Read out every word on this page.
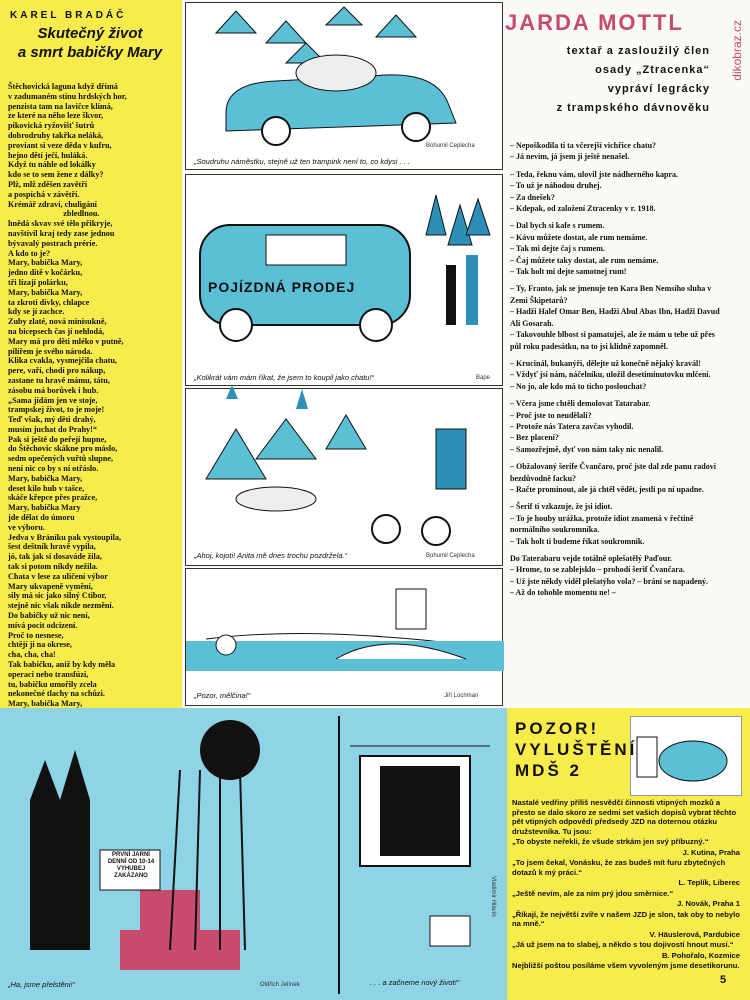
KAREL BRADÁČ
Skutečný život
a smrt babičky Mary
Štěchovická laguna když dřímá
v zadumaném stínu hrdských hor,
penzista tam na lavičce klímá,
ze které na něho leze škvor,
pikovická ryžovišť šutrů
dobrodruhy takřka neláká,
proviant si veze děda v kufru,
hejno dětí ječí, huláká.
Když tu náhle od lokálky
kdo se to sem žene z dálky?
Plž, mlž zděšen zavětří
a pospíchá v závětří.
Krémář zdraví, chuligání
zbledlnou.
hnědá skvav své tělo přikryje,
navštívil kraj tedy zase jednou
bývavalý postrach prérie.
A kdo to je?
Mary, babička Mary,
jedno dítě v kočárku,
tři lízají polárku,
Mary, babička Mary,
ta zkrotí dívky, chlapce
kdy se jí zachce.
Zuby zlaté, nová minisukně,
na bicepsech čas jí nehlodá,
Mary má pro děti mléko v putně,
pilířem je svého národa.
Klika cvakla, vysmejčila chatu,
pere, vaří, chodí pro nákup,
zastane tu hravě mámu, tátu,
zásobu má borůvek i hub.
„Sama jídám jen ve stoje,
trampskej život, to je moje!
Teď však, mý děti drahý,
musím juchat do Prahy!“
Pak si ještě do peřejí hupne,
do Štěchovic skákne pro máslo,
sedm opečených vuřtů slupne,
není nic co by s ní otřáslo.
Mary, babička Mary,
deset kilo hub v tašce,
skáče křepce přes pražce,
Mary, babička Mary
jde dělat do úmoru
ve výboru.
Jedva v Bráníku pak vystoupila,
šest deštník hravě vypila,
jó, tak jak si dosaváde žila,
tak si potom nikdy nežila.
Chata v lese za uličení výbor
Mary ukvapeně vymění,
sily má sic jako silný Ctibor,
stejně nic však nikde nezmění.
Do babičky už nic není,
mívá pocit odcizení.
Proč to nesnese,
chtějí ji na okrese,
cha, cha, cha!
Tak babičku, aniž by kdy měla
operaci nebo transfúzi,
tu, babičku umořily zcela
nekonečné tlachy na schůzi.
Mary, babička Mary,
„Soudruhu náměstku, stejně už ten trampink není to, co kdysi . . .
Bohumil Ceplecha
POJÍZDNÁ PRODEJ
„Kolikrát vám mám říkat, že jsem to koupil jako chatu!“	Bape
„Ahoj, kojoti! Anita mě dnes trochu pozdržela.“	Bohumil Ceplecha
„Pozor, mělčina!“	Jiří Lochman
JARDA MOTTL
textař a zasloužilý člen
osady „Ztracenka“
vypráví legrácky
z trampského dávnověku
dikobraz.cz

– Nepoškodila ti ta včerejší vichřice chatu?
– Já nevím, já jsem ji ještě nenašel.

– Teda, řeknu vám, ulovil jste nádherného kapra.
– To už je náhodou druhej.
– Za dnešek?
– Kdepak, od založení Ztracenky v r. 1918.

– Dal bych si kafe s rumem.
– Kávu můžete dostat, ale rum nemáme.
– Tak mi dejte čaj s rumem.
– Čaj můžete taky dostat, ale rum nemáme.
– Tak holt mi dejte samotnej rum!

– Ty, Franto, jak se jmenuje ten Kara Ben Nemsího sluha v Zemi Škipetarů?
– Hadži Halef Omar Ben, Hadži Abul Abas Ibn, Hadži Davud Ali Gosarah.
– Takovouhle blbost si pamatuješ, ale že mám u tebe už přes půl roku padesátku, na to jsi klidně zapomněl.

– Krucinál, bukanýři, dělejte už konečně nějaký kravál!
– Vždyť jsi nám, náčelníku, uložil desetiminutovku mlčení.
– No jo, ale kdo má to ticho poslouchat?

– Včera jsme chtěli demolovat Tatarabar.
– Proč jste to neudělali?
– Protože nás Tatera zavčas vyhodil.
– Bez placení?
– Samozřejmě, dyť von nám taky nic nenalil.

– Obžalovaný šerife Čvančaro, proč jste dal zde panu radovi bezdůvodně facku?
– Račte prominout, ale já chtěl vědět, jestli po ní upadne.

– Šerif ti vzkazuje, že jsi idiot.
– To je houby urážka, protože idiot znamená v řečtině normálního soukromníka.
– Tak holt ti budeme říkat soukromník.

Do Taterabaru vejde totálně oplešatělý Paďour.
– Hrome, to se zablejsklo – prohodí šerif Čvančara.
– Už jste někdy viděl plešatýho vola? – brání se napadený.
– Až do tohohle momentu ne! –

PRVNÍ JARNÍ DENNÍ OD 10-14 VYHUBEJ ZAKÁZANO
„Ha, jsme přelstěni!“	Oldřich Jelínek	. . . a začneme nový život!“
Vladimír Hlavín
POZOR!
VYLUŠTĚNÍ
MDŠ 2

Nastalé vedřiny příliš nesvědčí činnosti vtipných mozků a přesto se dalo skoro ze sedmi set vašich dopisů vybrat těchto pět vtipných odpovědí předsedy JZD na doternou otázku družstevníka. Tu jsou:

„To obyste neřekli, že všude strkám jen svý příbuzný.“

J. Kutina, Praha

„To jsem čekal, Vonásku, že zas budeš mít furu zbytečných dotazů k mý práci.“

L. Teplík, Liberec

„Ještě nevím, ale za ním prý jdou směrnice.“

J. Novák, Praha 1

„Říkají, že největší zvíře v našem JZD je slon, tak oby to nebylo na mně.“

V. Häuslerová, Pardubice

„Já už jsem na to slabej, a někdo s tou dojivostí hnout musí.“

B. Pohořalo, Kozmice

Nejbližší poštou posíláme všem vyvoleným jsme desetikorunu.

5
